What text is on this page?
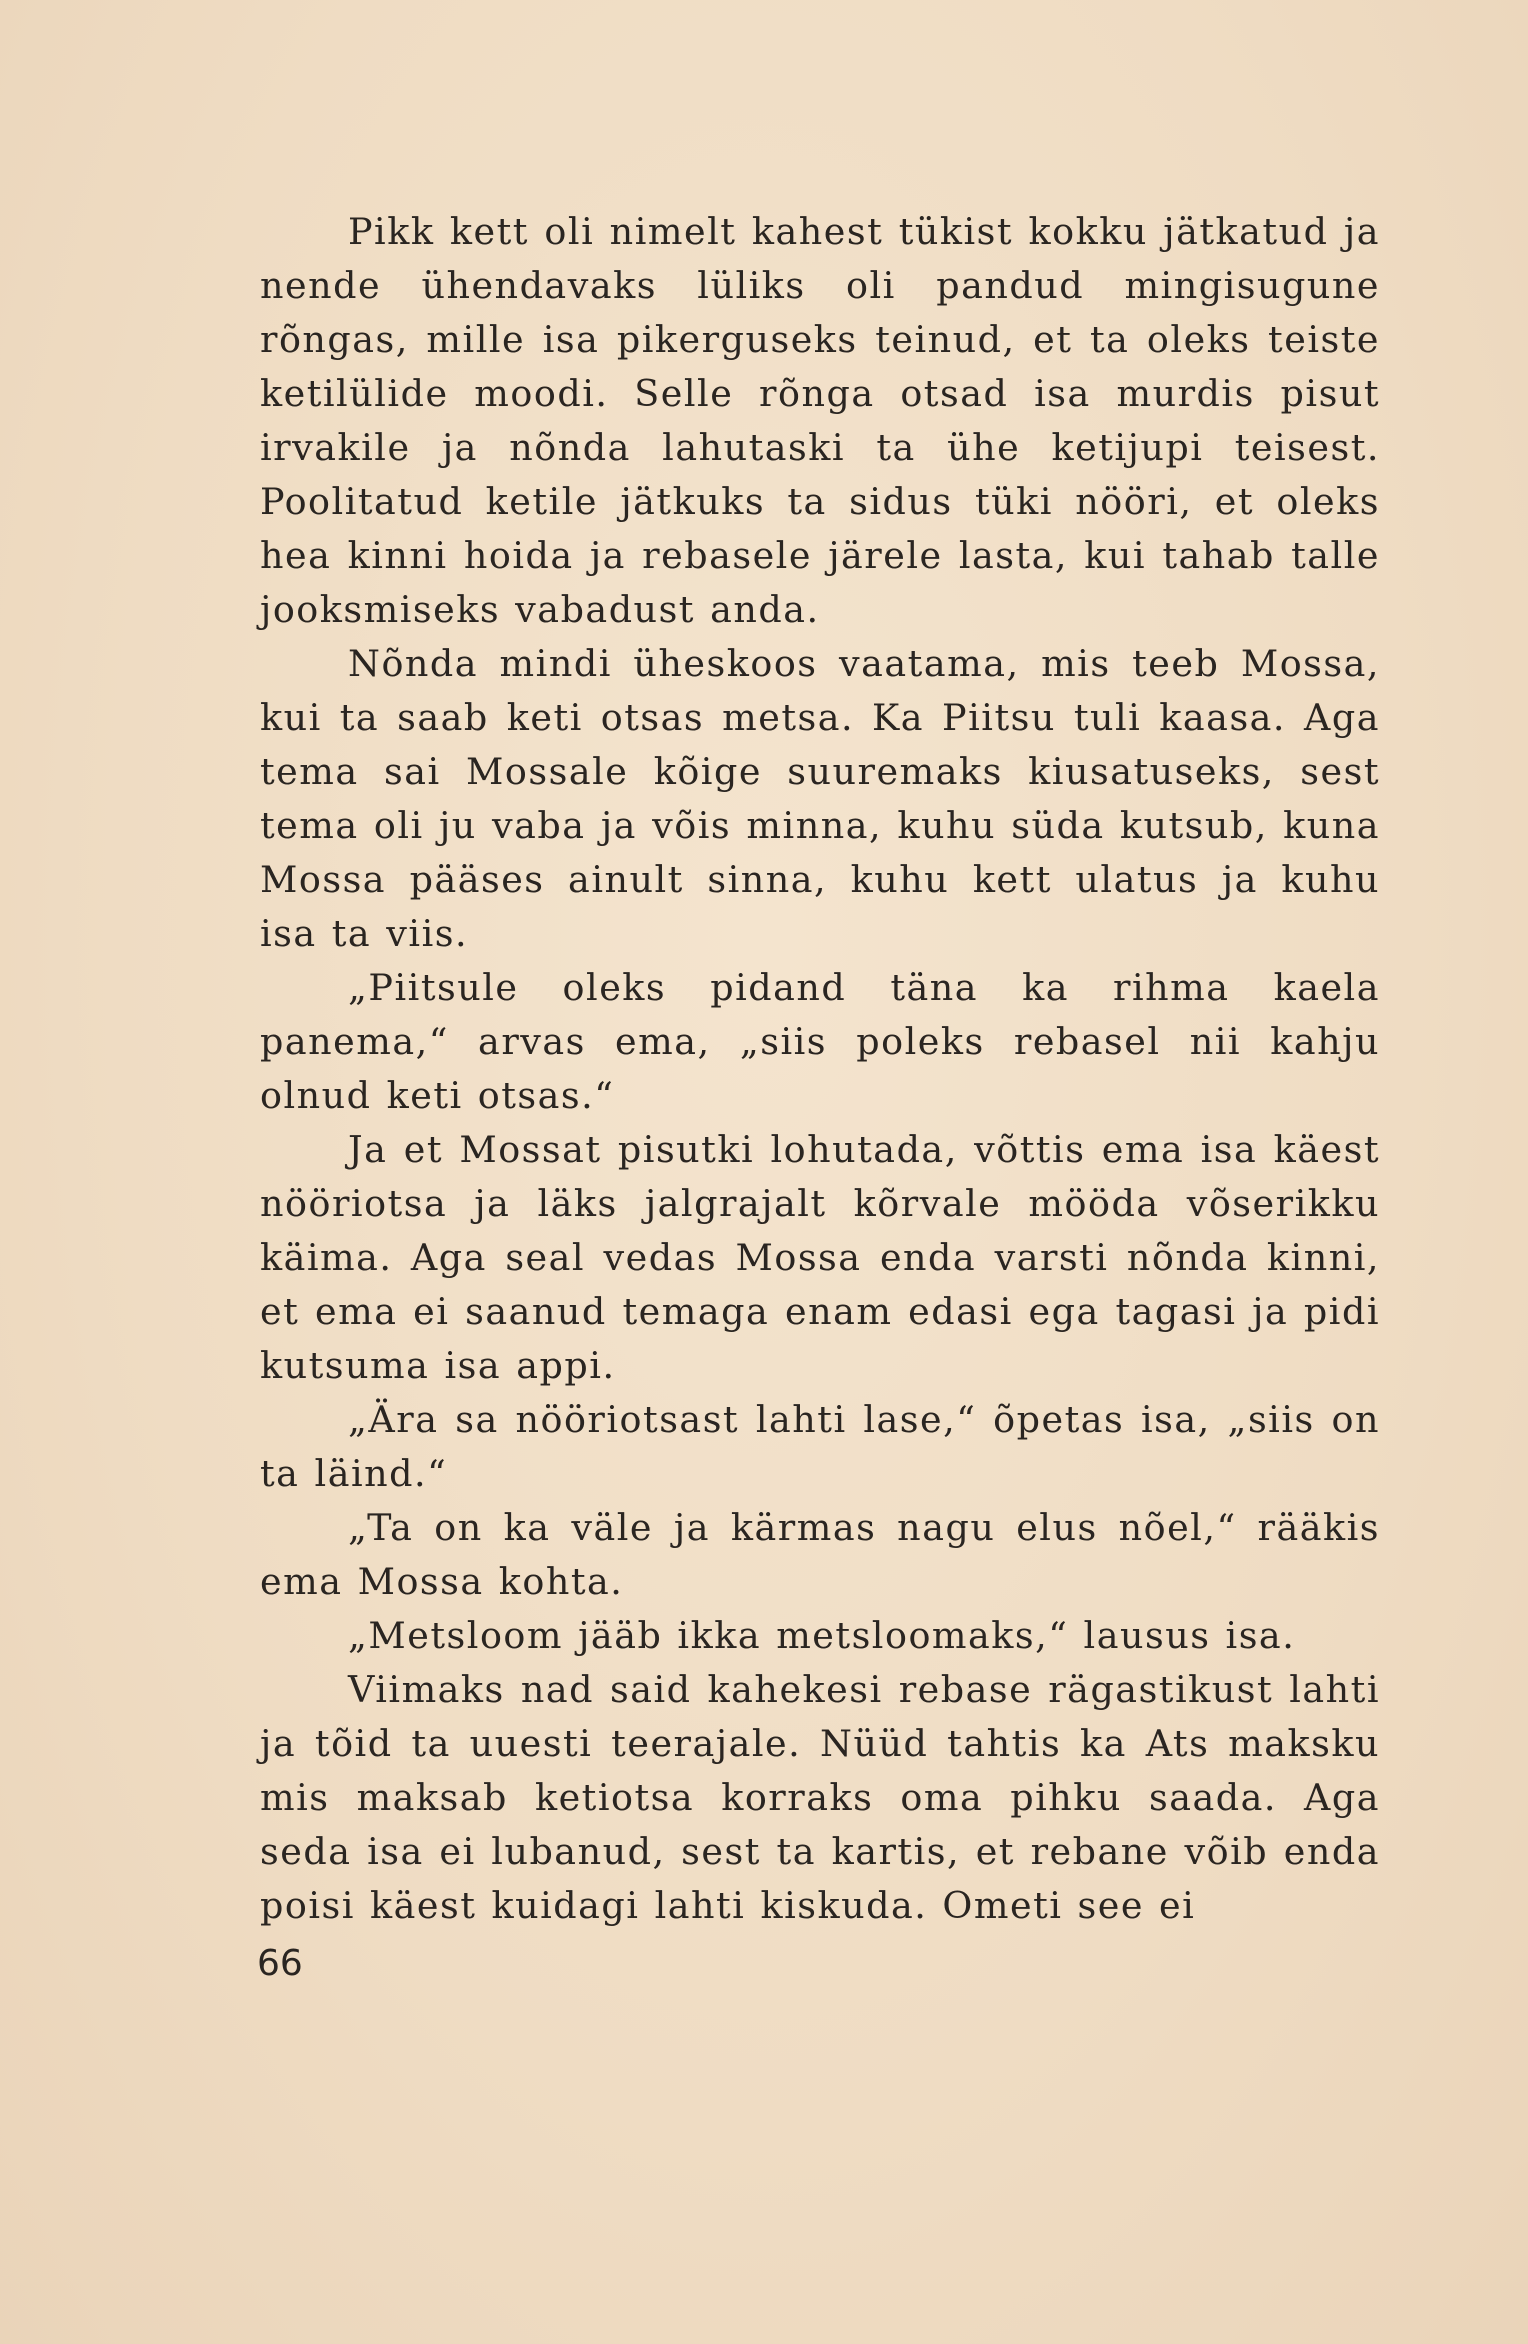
Pikk kett oli nimelt kahest tükist kokku jätkatud ja nende ühendavaks lüliks oli pandud mingisugune rõngas, mille isa pikerguseks teinud, et ta oleks teiste ketilülide moodi. Selle rõnga otsad isa murdis pisut irvakile ja nõnda lahutaski ta ühe ketijupi teisest. Poolitatud ketile jätkuks ta sidus tüki nööri, et oleks hea kinni hoida ja rebasele järele lasta, kui tahab talle jooksmiseks vabadust anda.

Nõnda mindi üheskoos vaatama, mis teeb Mossa, kui ta saab keti otsas metsa. Ka Piitsu tuli kaasa. Aga tema sai Mossale kõige suuremaks kiusatuseks, sest tema oli ju vaba ja võis minna, kuhu süda kutsub, kuna Mossa pääses ainult sinna, kuhu kett ulatus ja kuhu isa ta viis.

„Piitsule oleks pidand täna ka rihma kaela panema,“ arvas ema, „siis poleks rebasel nii kahju olnud keti otsas.“

Ja et Mossat pisutki lohutada, võttis ema isa käest nööriotsa ja läks jalgrajalt kõrvale mööda võserikku käima. Aga seal vedas Mossa enda varsti nõnda kinni, et ema ei saanud temaga enam edasi ega tagasi ja pidi kutsuma isa appi.

„Ära sa nööriotsast lahti lase,“ õpetas isa, „siis on ta läind.“

„Ta on ka väle ja kärmas nagu elus nõel,“ rääkis ema Mossa kohta.

„Metsloom jääb ikka metsloomaks,“ lausus isa.

Viimaks nad said kahekesi rebase rägastikust lahti ja tõid ta uuesti teerajale. Nüüd tahtis ka Ats maksku mis maksab ketiotsa korraks oma pihku saada. Aga seda isa ei lubanud, sest ta kartis, et rebane võib enda poisi käest kuidagi lahti kiskuda. Ometi see ei

66
